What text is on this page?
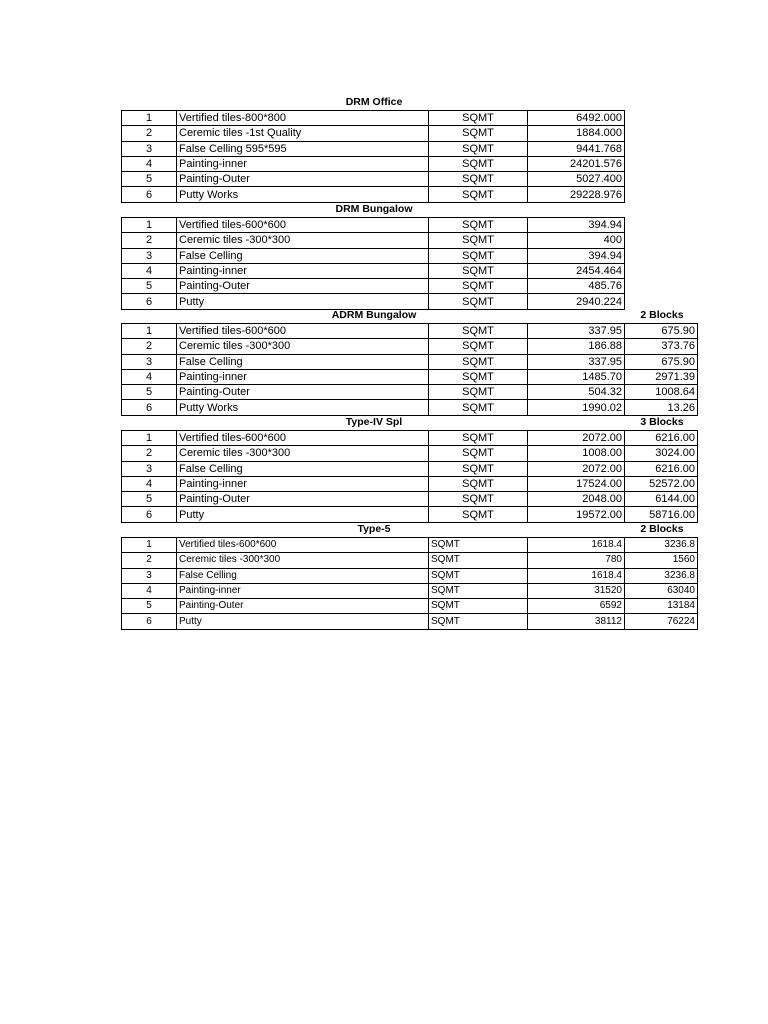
DRM Office
1	Vertified tiles-800*800	SQMT	6492.000
2	Ceremic tiles -1st Quality	SQMT	1884.000
3	False Celling 595*595	SQMT	9441.768
4	Painting-inner	SQMT	24201.576
5	Painting-Outer	SQMT	5027.400
6	Putty Works	SQMT	29228.976
DRM Bungalow
1	Vertified tiles-600*600	SQMT	394.94
2	Ceremic tiles -300*300	SQMT	400
3	False Celling	SQMT	394.94
4	Painting-inner	SQMT	2454.464
5	Painting-Outer	SQMT	485.76
6	Putty	SQMT	2940.224
ADRM Bungalow	2 Blocks
1	Vertified tiles-600*600	SQMT	337.95	675.90
2	Ceremic tiles -300*300	SQMT	186.88	373.76
3	False Celling	SQMT	337.95	675.90
4	Painting-inner	SQMT	1485.70	2971.39
5	Painting-Outer	SQMT	504.32	1008.64
6	Putty Works	SQMT	1990.02	13.26
Type-IV Spl	3 Blocks
1	Vertified tiles-600*600	SQMT	2072.00	6216.00
2	Ceremic tiles -300*300	SQMT	1008.00	3024.00
3	False Celling	SQMT	2072.00	6216.00
4	Painting-inner	SQMT	17524.00	52572.00
5	Painting-Outer	SQMT	2048.00	6144.00
6	Putty	SQMT	19572.00	58716.00
Type-5	2 Blocks
1	Vertified tiles-600*600	SQMT	1618.4	3236.8
2	Ceremic tiles -300*300	SQMT	780	1560
3	False Celling	SQMT	1618.4	3236.8
4	Painting-inner	SQMT	31520	63040
5	Painting-Outer	SQMT	6592	13184
6	Putty	SQMT	38112	76224
